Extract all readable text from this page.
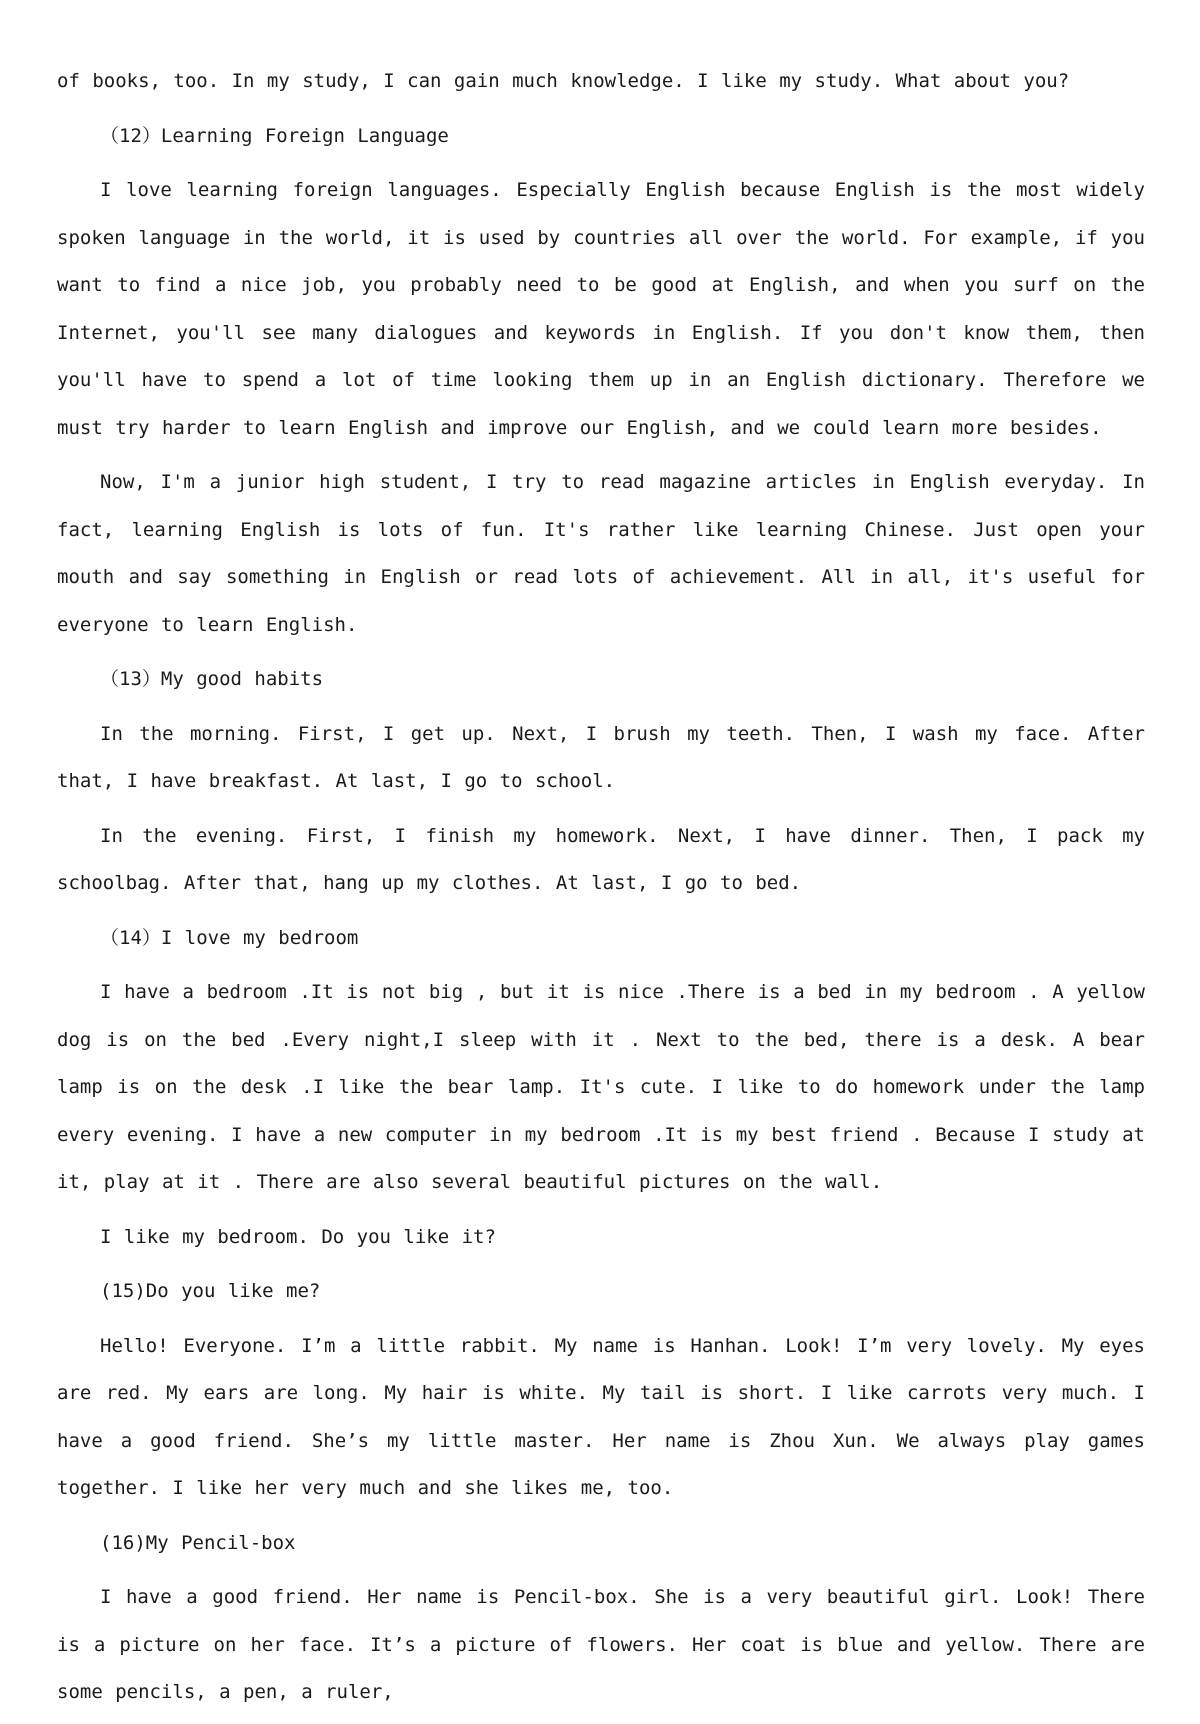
of books, too. In my study, I can gain much knowledge. I like my study. What about you?

（12）Learning Foreign Language

I love learning foreign languages. Especially English because English is the most widely spoken language in the world, it is used by countries all over the world. For example, if you want to find a nice job, you probably need to be good at English, and when you surf on the Internet, you'll see many dialogues and keywords in English. If you don't know them, then you'll have to spend a lot of time looking them up in an English dictionary. Therefore we must try harder to learn English and improve our English, and we could learn more besides.

Now, I'm a junior high student, I try to read magazine articles in English everyday. In fact, learning English is lots of fun. It's rather like learning Chinese. Just open your mouth and say something in English or read lots of achievement. All in all, it's useful for everyone to learn English.

（13）My good habits

In the morning. First, I get up. Next, I brush my teeth. Then, I wash my face. After that, I have breakfast. At last, I go to school.

In the evening. First, I finish my homework. Next, I have dinner. Then, I pack my schoolbag. After that, hang up my clothes. At last, I go to bed.

（14）I love my bedroom

I have a bedroom .It is not big , but it is nice .There is a bed in my bedroom . A yellow dog is on the bed .Every night,I sleep with it . Next to the bed, there is a desk. A bear lamp is on the desk .I like the bear lamp. It's cute. I like to do homework under the lamp every evening. I have a new computer in my bedroom .It is my best friend . Because I study at it, play at it . There are also several beautiful pictures on the wall.

I like my bedroom. Do you like it?

(15)Do you like me?

Hello! Everyone. I’m a little rabbit. My name is Hanhan. Look! I’m very lovely. My eyes are red. My ears are long. My hair is white. My tail is short. I like carrots very much. I have a good friend. She’s my little master. Her name is Zhou Xun. We always play games together. I like her very much and she likes me, too.

(16)My Pencil-box

I have a good friend. Her name is Pencil-box. She is a very beautiful girl. Look! There is a picture on her face. It’s a picture of flowers. Her coat is blue and yellow. There are some pencils, a pen, a ruler,
